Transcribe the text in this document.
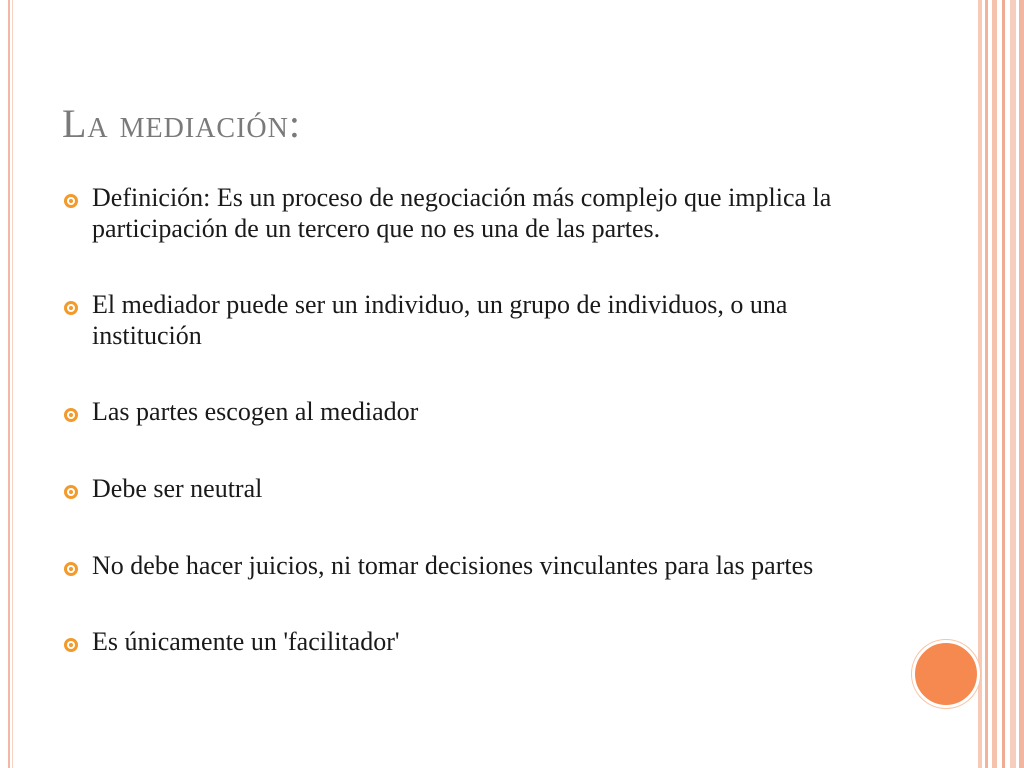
La mediación:
Definición: Es un proceso de negociación más complejo que implica la participación de un tercero que no es una de las partes.
El mediador puede ser un individuo, un grupo de individuos, o una institución
Las partes escogen al mediador
Debe ser neutral
No debe hacer juicios, ni tomar decisiones vinculantes para las partes
Es únicamente un 'facilitador'
